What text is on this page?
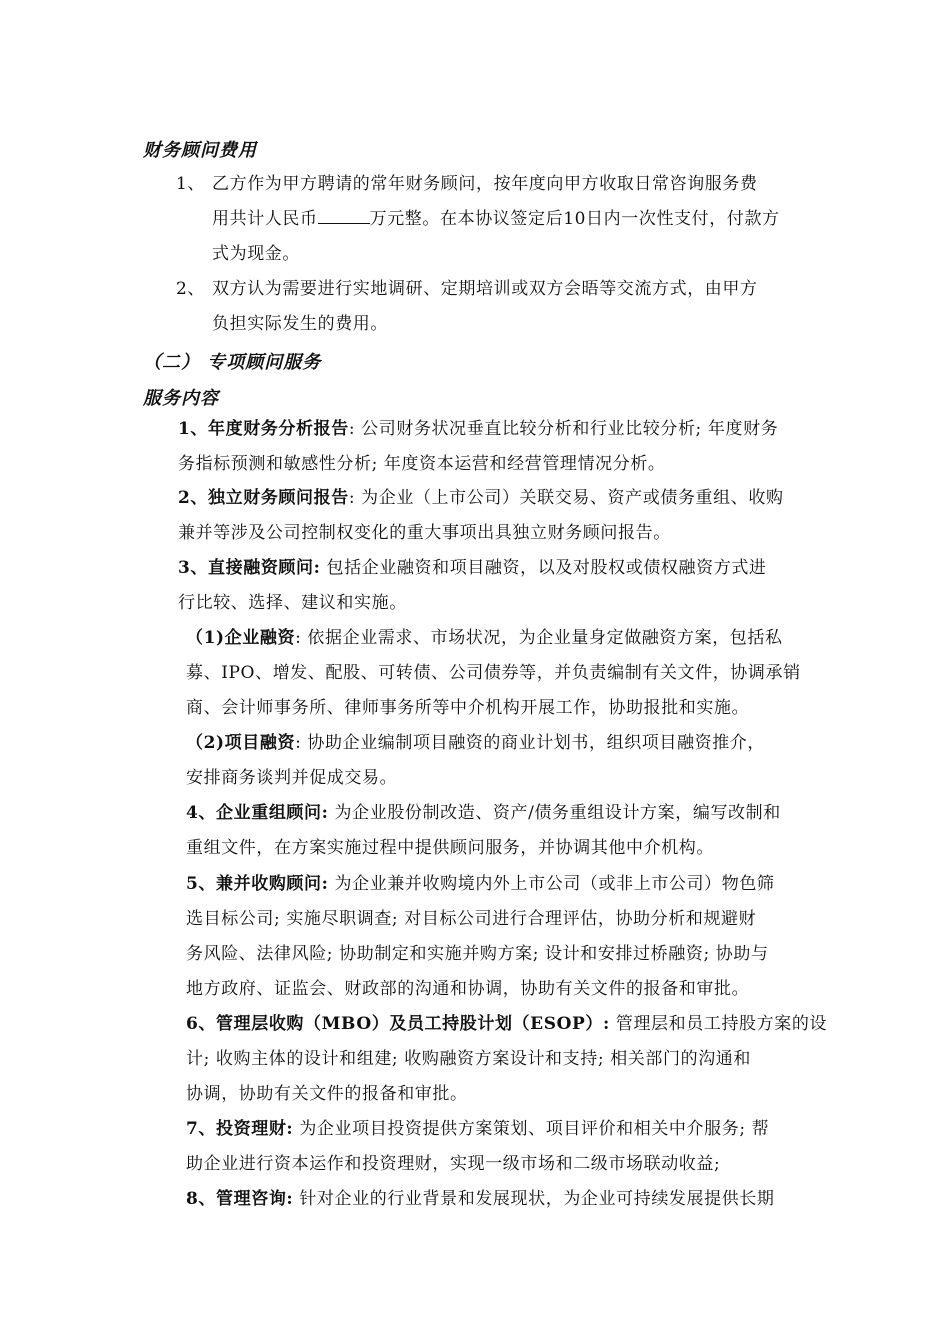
财务顾问费用
1、 乙方作为甲方聘请的常年财务顾问，按年度向甲方收取日常咨询服务费
用共计人民币	万元整。在本协议签定后10日内一次性支付，付款方
式为现金。
2、 双方认为需要进行实地调研、定期培训或双方会晤等交流方式，由甲方
负担实际发生的费用。
（二） 专项顾问服务
服务内容
1、年度财务分析报告: 公司财务状况垂直比较分析和行业比较分析; 年度财务
务指标预测和敏感性分析; 年度资本运营和经营管理情况分析。
2、独立财务顾问报告: 为企业（上市公司）关联交易、资产或债务重组、收购
兼并等涉及公司控制权变化的重大事项出具独立财务顾问报告。
3、直接融资顾问: 包括企业融资和项目融资，以及对股权或债权融资方式进
行比较、选择、建议和实施。
（1)企业融资: 依据企业需求、市场状况，为企业量身定做融资方案，包括私
募、IPO、增发、配股、可转债、公司债券等，并负责编制有关文件，协调承销
商、会计师事务所、律师事务所等中介机构开展工作，协助报批和实施。
（2)项目融资: 协助企业编制项目融资的商业计划书，组织项目融资推介，
安排商务谈判并促成交易。
4、企业重组顾问: 为企业股份制改造、资产/债务重组设计方案，编写改制和
重组文件，在方案实施过程中提供顾问服务，并协调其他中介机构。
5、兼并收购顾问: 为企业兼并收购境内外上市公司（或非上市公司）物色筛
选目标公司; 实施尽职调查; 对目标公司进行合理评估，协助分析和规避财
务风险、法律风险; 协助制定和实施并购方案; 设计和安排过桥融资; 协助与
地方政府、证监会、财政部的沟通和协调，协助有关文件的报备和审批。
6、管理层收购（MBO）及员工持股计划（ESOP）: 管理层和员工持股方案的设
计; 收购主体的设计和组建; 收购融资方案设计和支持; 相关部门的沟通和
协调，协助有关文件的报备和审批。
7、投资理财: 为企业项目投资提供方案策划、项目评价和相关中介服务; 帮
助企业进行资本运作和投资理财，实现一级市场和二级市场联动收益;
8、管理咨询: 针对企业的行业背景和发展现状，为企业可持续发展提供长期
